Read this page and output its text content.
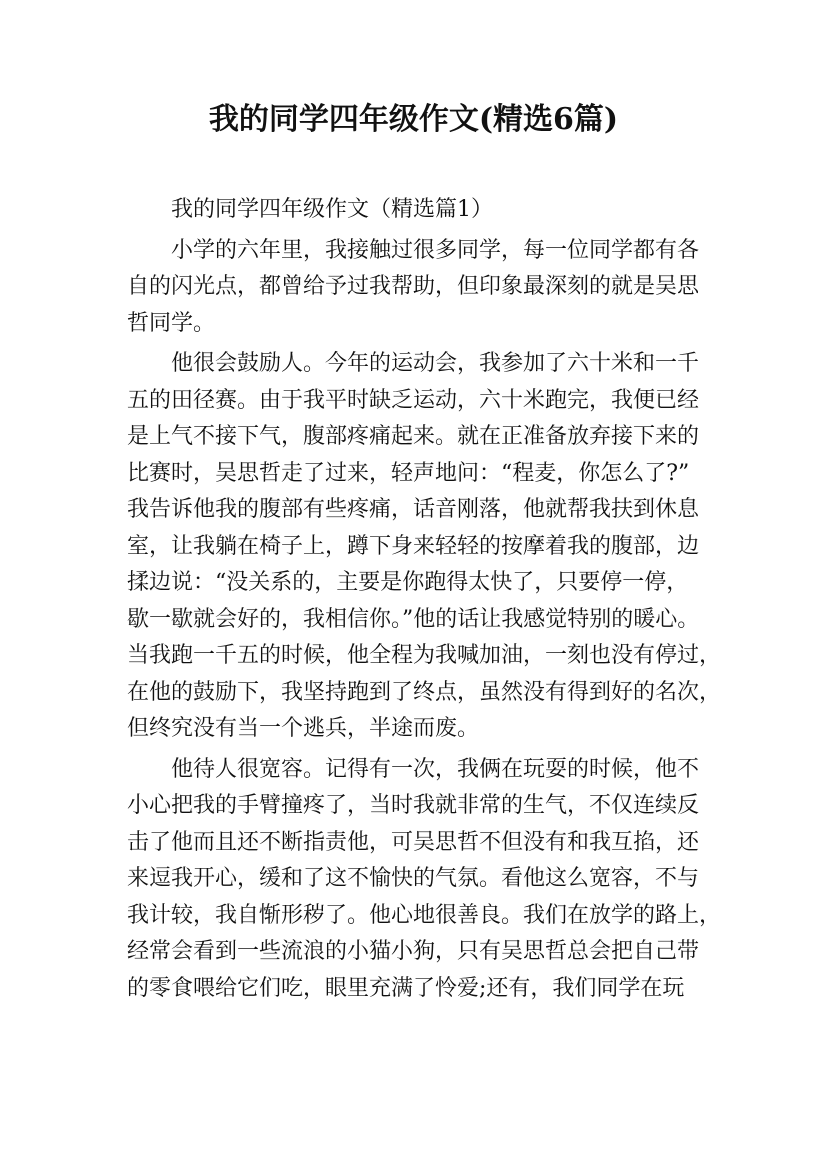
我的同学四年级作文(精选6篇)
我的同学四年级作文（精选篇1）
小学的六年里，我接触过很多同学，每一位同学都有各
自的闪光点，都曾给予过我帮助，但印象最深刻的就是吴思
哲同学。
他很会鼓励人。今年的运动会，我参加了六十米和一千
五的田径赛。由于我平时缺乏运动，六十米跑完，我便已经
是上气不接下气，腹部疼痛起来。就在正准备放弃接下来的
比赛时，吴思哲走了过来，轻声地问：“程麦，你怎么了?”
我告诉他我的腹部有些疼痛，话音刚落，他就帮我扶到休息
室，让我躺在椅子上，蹲下身来轻轻的按摩着我的腹部，边
揉边说：“没关系的，主要是你跑得太快了，只要停一停，
歇一歇就会好的，我相信你。”他的话让我感觉特别的暖心。
当我跑一千五的时候，他全程为我喊加油，一刻也没有停过，
在他的鼓励下，我坚持跑到了终点，虽然没有得到好的名次，
但终究没有当一个逃兵，半途而废。
他待人很宽容。记得有一次，我俩在玩耍的时候，他不
小心把我的手臂撞疼了，当时我就非常的生气，不仅连续反
击了他而且还不断指责他，可吴思哲不但没有和我互掐，还
来逗我开心，缓和了这不愉快的气氛。看他这么宽容，不与
我计较，我自惭形秽了。他心地很善良。我们在放学的路上，
经常会看到一些流浪的小猫小狗，只有吴思哲总会把自己带
的零食喂给它们吃，眼里充满了怜爱;还有，我们同学在玩
